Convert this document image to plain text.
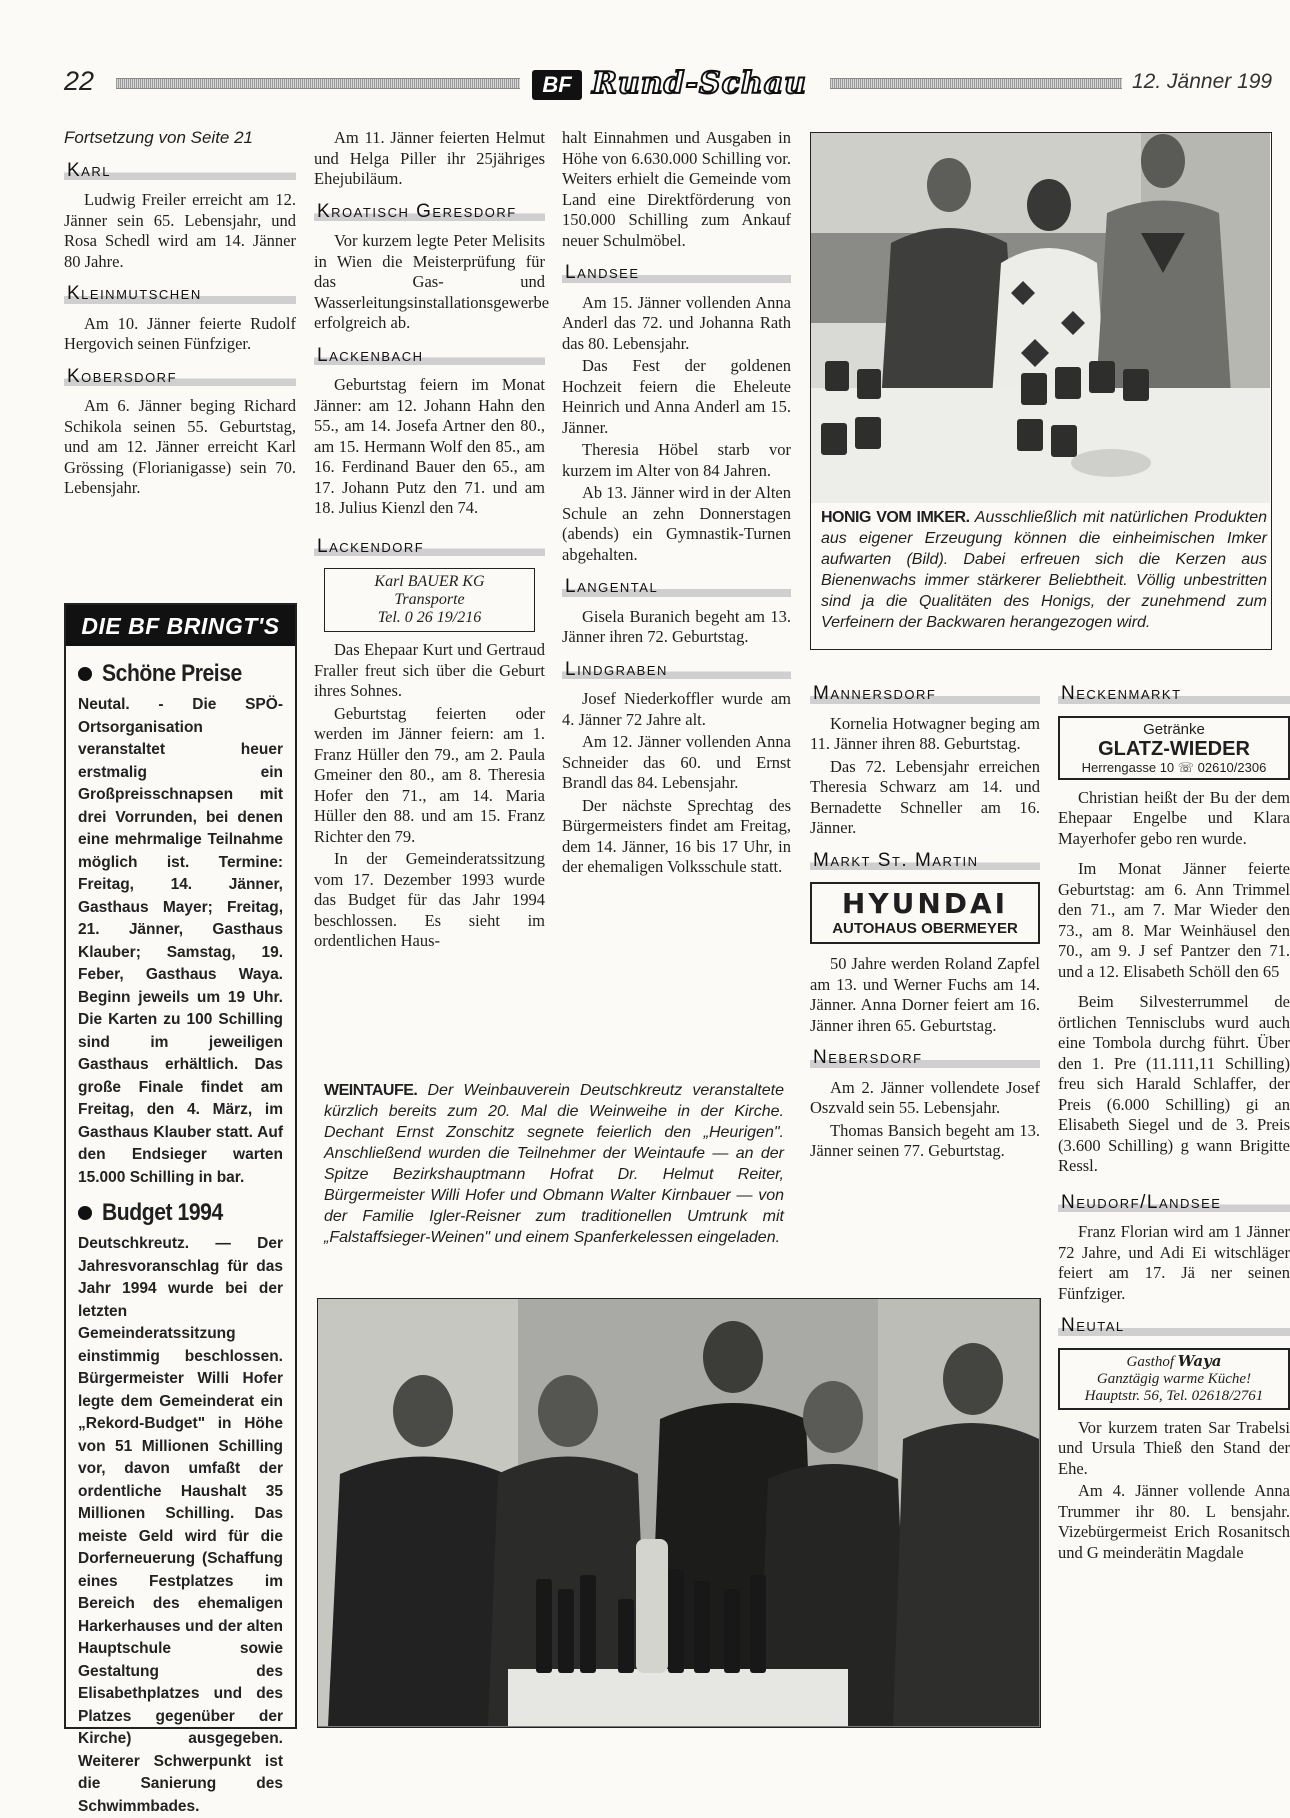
22	BF Rund-Schau	12. Jänner 199
Fortsetzung von Seite 21
Karl

Ludwig Freiler erreicht am 12. Jänner sein 65. Lebensjahr, und Rosa Schedl wird am 14. Jänner 80 Jahre.

Kleinmutschen

Am 10. Jänner feierte Rudolf Hergovich seinen Fünfziger.

Kobersdorf

Am 6. Jänner beging Richard Schikola seinen 55. Geburtstag, und am 12. Jänner erreicht Karl Grössing (Florianigasse) sein 70. Lebensjahr.

DIE BF BRINGT'S
Schöne Preise
Neutal. - Die SPÖ-Ortsorganisation veranstaltet heuer erstmalig ein Großpreisschnapsen mit drei Vorrunden, bei denen eine mehrmalige Teilnahme möglich ist. Termine: Freitag, 14. Jänner, Gasthaus Mayer; Freitag, 21. Jänner, Gasthaus Klauber; Samstag, 19. Feber, Gasthaus Waya. Beginn jeweils um 19 Uhr. Die Karten zu 100 Schilling sind im jeweiligen Gasthaus erhältlich. Das große Finale findet am Freitag, den 4. März, im Gasthaus Klauber statt. Auf den Endsieger warten 15.000 Schilling in bar.
Budget 1994
Deutschkreutz. — Der Jahresvoranschlag für das Jahr 1994 wurde bei der letzten Gemeinderatssitzung einstimmig beschlossen. Bürgermeister Willi Hofer legte dem Gemeinderat ein „Rekord-Budget" in Höhe von 51 Millionen Schilling vor, davon umfaßt der ordentliche Haushalt 35 Millionen Schilling. Das meiste Geld wird für die Dorferneuerung (Schaffung eines Festplatzes im Bereich des ehemaligen Harkerhauses und der alten Hauptschule sowie Gestaltung des Elisabethplatzes und des Platzes gegenüber der Kirche) ausgegeben. Weiterer Schwerpunkt ist die Sanierung des Schwimmbades.

Am 11. Jänner feierten Helmut und Helga Piller ihr 25jähriges Ehejubiläum.

Kroatisch Geresdorf

Vor kurzem legte Peter Melisits in Wien die Meisterprüfung für das Gas- und Wasserleitungsinstallationsgewerbe erfolgreich ab.

Lackenbach

Geburtstag feiern im Monat Jänner: am 12. Johann Hahn den 55., am 14. Josefa Artner den 80., am 15. Hermann Wolf den 85., am 16. Ferdinand Bauer den 65., am 17. Johann Putz den 71. und am 18. Julius Kienzl den 74.

Lackendorf
Karl BAUER KG
Transporte
Tel. 0 26 19/216

Das Ehepaar Kurt und Gertraud Fraller freut sich über die Geburt ihres Sohnes.

Geburtstag feierten oder werden im Jänner feiern: am 1. Franz Hüller den 79., am 2. Paula Gmeiner den 80., am 8. Theresia Hofer den 71., am 14. Maria Hüller den 88. und am 15. Franz Richter den 79.

In der Gemeinderatssitzung vom 17. Dezember 1993 wurde das Budget für das Jahr 1994 beschlossen. Es sieht im ordentlichen Haus-

halt Einnahmen und Ausgaben in Höhe von 6.630.000 Schilling vor. Weiters erhielt die Gemeinde vom Land eine Direktförderung von 150.000 Schilling zum Ankauf neuer Schulmöbel.

Landsee

Am 15. Jänner vollenden Anna Anderl das 72. und Johanna Rath das 80. Lebensjahr.

Das Fest der goldenen Hochzeit feiern die Eheleute Heinrich und Anna Anderl am 15. Jänner.

Theresia Höbel starb vor kurzem im Alter von 84 Jahren.

Ab 13. Jänner wird in der Alten Schule an zehn Donnerstagen (abends) ein Gymnastik-Turnen abgehalten.

Langental

Gisela Buranich begeht am 13. Jänner ihren 72. Geburtstag.

Lindgraben

Josef Niederkoffler wurde am 4. Jänner 72 Jahre alt.

Am 12. Jänner vollenden Anna Schneider das 60. und Ernst Brandl das 84. Lebensjahr.

Der nächste Sprechtag des Bürgermeisters findet am Freitag, dem 14. Jänner, 16 bis 17 Uhr, in der ehemaligen Volksschule statt.

HONIG VOM IMKER. Ausschließlich mit natürlichen Produkten aus eigener Erzeugung können die einheimischen Imker aufwarten (Bild). Dabei erfreuen sich die Kerzen aus Bienenwachs immer stärkerer Beliebtheit. Völlig unbestritten sind ja die Qualitäten des Honigs, der zunehmend zum Verfeinern der Backwaren herangezogen wird.
Mannersdorf

Kornelia Hotwagner beging am 11. Jänner ihren 88. Geburtstag.

Das 72. Lebensjahr erreichen Theresia Schwarz am 14. und Bernadette Schneller am 16. Jänner.

Markt St. Martin
HYUNDAI
AUTOHAUS OBERMEYER

50 Jahre werden Roland Zapfel am 13. und Werner Fuchs am 14. Jänner. Anna Dorner feiert am 16. Jänner ihren 65. Geburtstag.

Nebersdorf

Am 2. Jänner vollendete Josef Oszvald sein 55. Lebensjahr.

Thomas Bansich begeht am 13. Jänner seinen 77. Geburtstag.

Neckenmarkt
Getränke
GLATZ-WIEDER
Herrengasse 10 ☏ 02610/2306

Christian heißt der Bu der dem Ehepaar Engelbe und Klara Mayerhofer gebo ren wurde.

Im Monat Jänner feierte Geburtstag: am 6. Ann Trimmel den 71., am 7. Mar Wieder den 73., am 8. Mar Weinhäusel den 70., am 9. J sef Pantzer den 71. und a 12. Elisabeth Schöll den 65

Beim Silvesterrummel de örtlichen Tennisclubs wurd auch eine Tombola durchg führt. Über den 1. Pre (11.111,11 Schilling) freu sich Harald Schlaffer, der Preis (6.000 Schilling) gi an Elisabeth Siegel und de 3. Preis (3.600 Schilling) g wann Brigitte Ressl.

Neudorf/Landsee

Franz Florian wird am 1 Jänner 72 Jahre, und Adi Ei witschläger feiert am 17. Jä ner seinen Fünfziger.

Neutal
Gasthof Waya
Ganztägig warme Küche!
Hauptstr. 56, Tel. 02618/2761

Vor kurzem traten Sar Trabelsi und Ursula Thieß den Stand der Ehe.

Am 4. Jänner vollende Anna Trummer ihr 80. L bensjahr. Vizebürgermeist Erich Rosanitsch und G meinderätin Magdale

WEINTAUFE. Der Weinbauverein Deutschkreutz veranstaltete kürzlich bereits zum 20. Mal die Weinweihe in der Kirche. Dechant Ernst Zonschitz segnete feierlich den „Heurigen". Anschließend wurden die Teilnehmer der Weintaufe — an der Spitze Bezirkshauptmann Hofrat Dr. Helmut Reiter, Bürgermeister Willi Hofer und Obmann Walter Kirnbauer — von der Familie Igler-Reisner zum traditionellen Umtrunk mit „Falstaffsieger-Weinen" und einem Spanferkelessen eingeladen.
